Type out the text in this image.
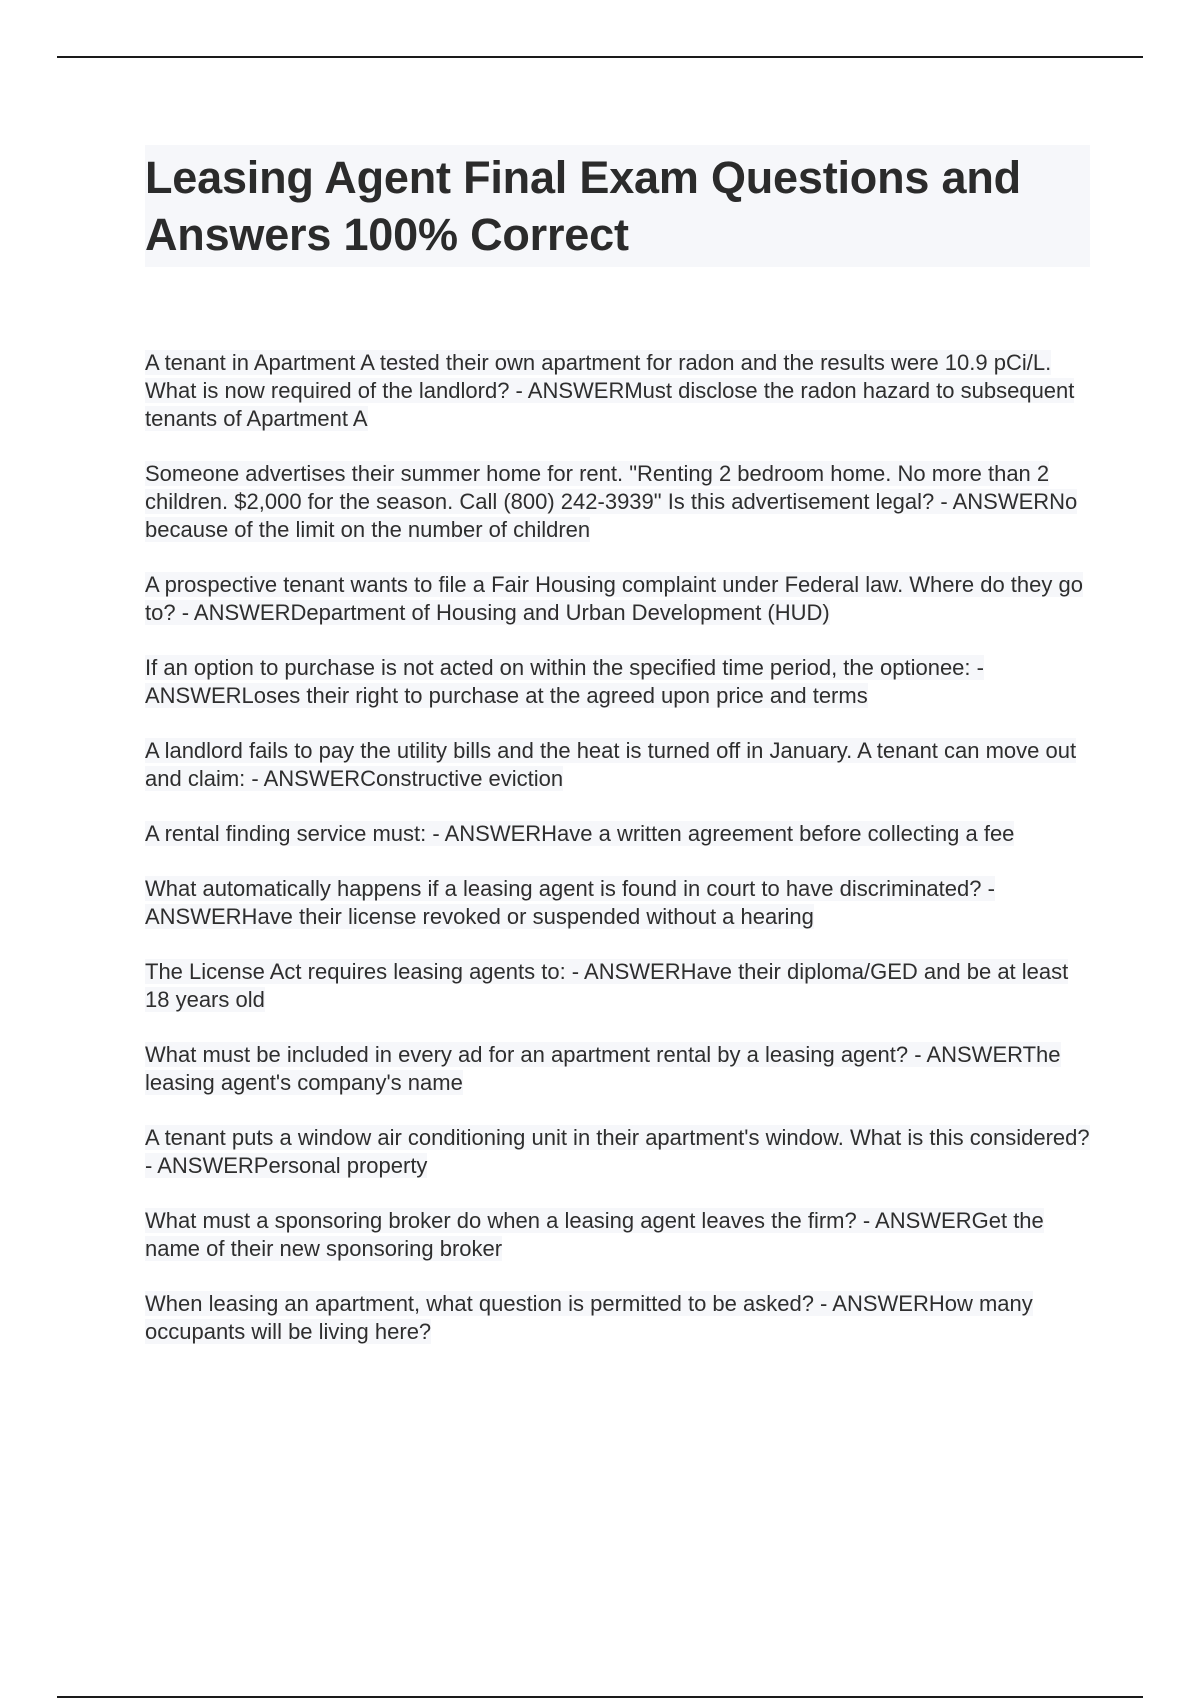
Leasing Agent Final Exam Questions and Answers 100% Correct

A tenant in Apartment A tested their own apartment for radon and the results were 10.9 pCi/L. What is now required of the landlord? - ANSWERMust disclose the radon hazard to subsequent tenants of Apartment A

Someone advertises their summer home for rent. "Renting 2 bedroom home. No more than 2 children. $2,000 for the season. Call (800) 242-3939" Is this advertisement legal? - ANSWERNo because of the limit on the number of children

A prospective tenant wants to file a Fair Housing complaint under Federal law. Where do they go to? - ANSWERDepartment of Housing and Urban Development (HUD)

If an option to purchase is not acted on within the specified time period, the optionee: - ANSWERLoses their right to purchase at the agreed upon price and terms

A landlord fails to pay the utility bills and the heat is turned off in January. A tenant can move out and claim: - ANSWERConstructive eviction

A rental finding service must: - ANSWERHave a written agreement before collecting a fee

What automatically happens if a leasing agent is found in court to have discriminated? - ANSWERHave their license revoked or suspended without a hearing

The License Act requires leasing agents to: - ANSWERHave their diploma/GED and be at least 18 years old

What must be included in every ad for an apartment rental by a leasing agent? - ANSWERThe leasing agent's company's name

A tenant puts a window air conditioning unit in their apartment's window. What is this considered? - ANSWERPersonal property

What must a sponsoring broker do when a leasing agent leaves the firm? - ANSWERGet the name of their new sponsoring broker

When leasing an apartment, what question is permitted to be asked? - ANSWERHow many occupants will be living here?
